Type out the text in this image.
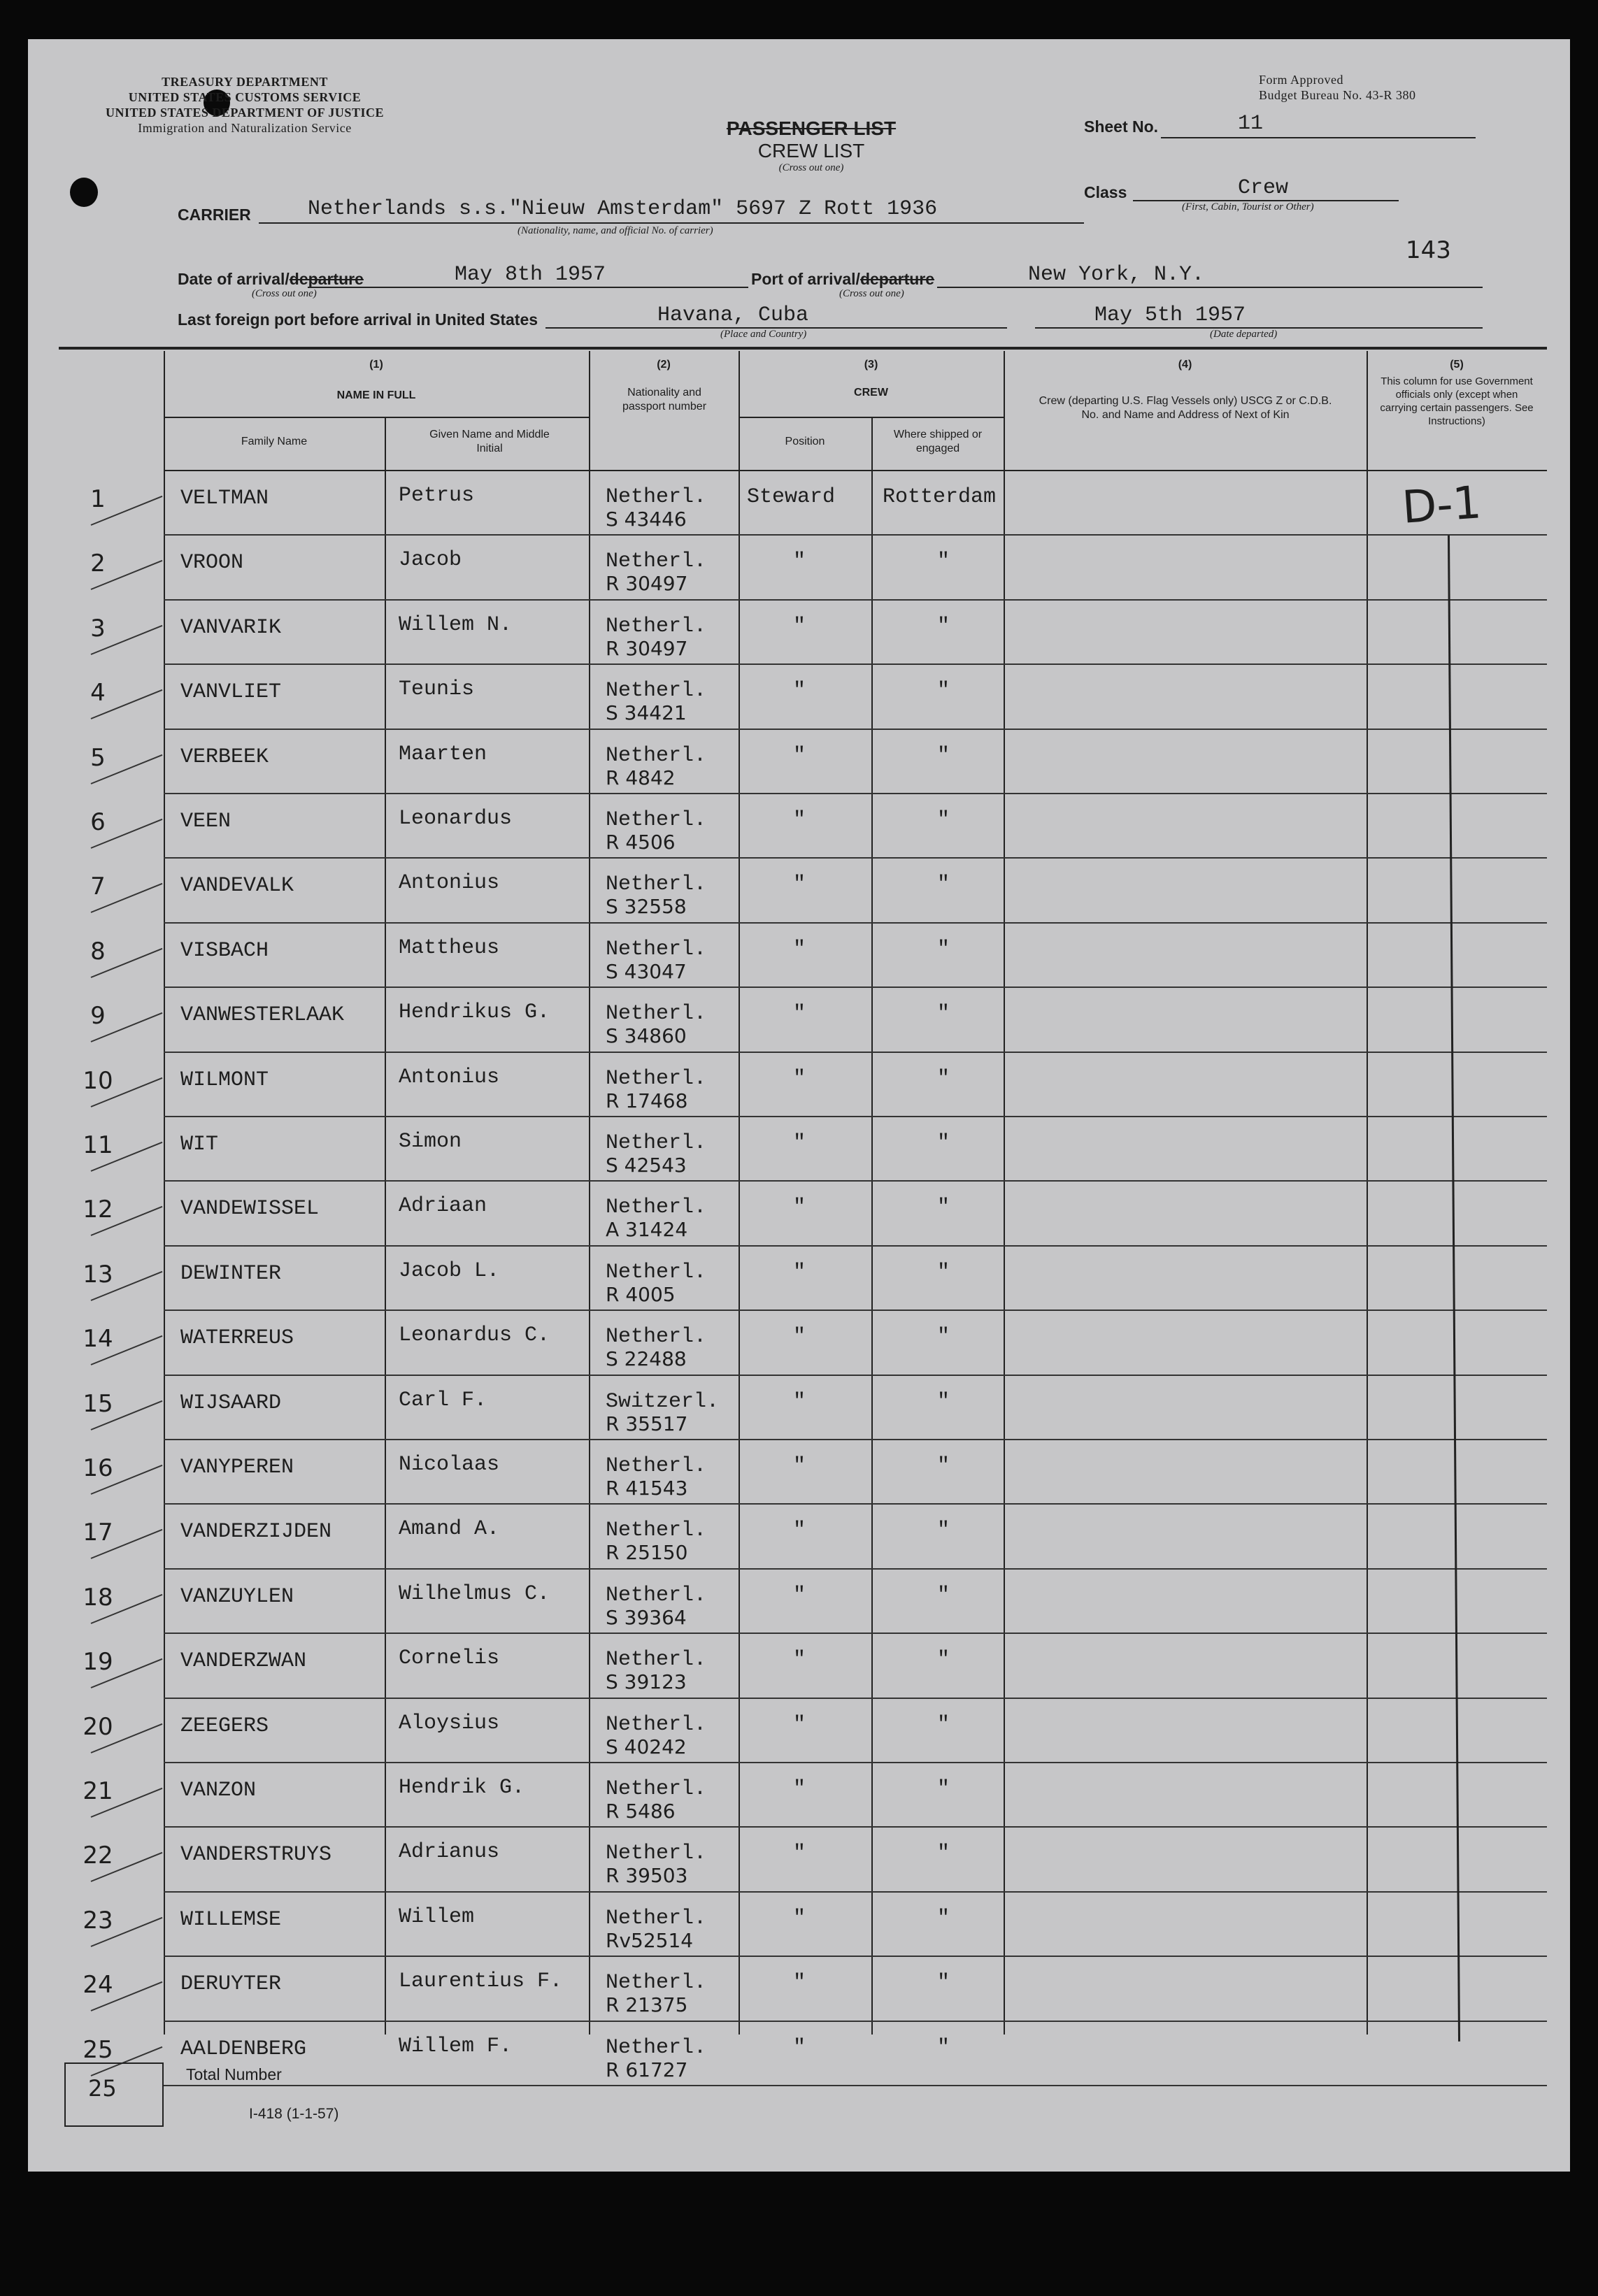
TREASURY DEPARTMENT
UNITED STATES CUSTOMS SERVICE
UNITED STATES DEPARTMENT OF JUSTICE
Immigration and Naturalization Service
Form Approved
Budget Bureau No. 43-R 380
PASSENGER LIST
CREW LIST
(Cross out one)
Sheet No.	11
Class	Crew
(First, Cabin, Tourist or Other)
CARRIER	Netherlands s.s."Nieuw Amsterdam" 5697 Z Rott 1936
(Nationality, name, and official No. of carrier)
143
Date of arrival/departure	May 8th 1957
(Cross out one)
Port of arrival/departure	New York, N.Y.
(Cross out one)
Last foreign port before arrival in United States	Havana, Cuba
(Place and Country)
May 5th 1957
(Date departed)
(1)
NAME IN FULL
Family Name
Given Name and Middle Initial
(2)
Nationality and passport number
(3)
CREW
Position
Where shipped or engaged
(4)
Crew (departing U.S. Flag Vessels only) USCG Z or C.D.B. No. and Name and Address of Next of Kin
(5)
This column for use Government officials only (except when carrying certain passengers. See Instructions)
1	VELTMAN	Petrus	Netherl.
S 43446
Steward Rotterdam
2	VROON	Jacob	Netherl.
R 30497
"	"
3	VANVARIK	Willem N.	Netherl.
R 30497
"	"
4	VANVLIET	Teunis	Netherl.
S 34421
"	"
5	VERBEEK	Maarten	Netherl.
R 4842
"	"
6	VEEN	Leonardus	Netherl.
R 4506
"	"
7	VANDEVALK	Antonius	Netherl.
S 32558
"	"
8	VISBACH	Mattheus	Netherl.
S 43047
"	"
9	VANWESTERLAAK	Hendrikus G.	Netherl.
S 34860
"	"
10	WILMONT	Antonius	Netherl.
R 17468
"	"
11	WIT	Simon	Netherl.
S 42543
"	"
12	VANDEWISSEL	Adriaan	Netherl.
A 31424
"	"
13	DEWINTER	Jacob L.	Netherl.
R 4005
"	"
14	WATERREUS	Leonardus C.	Netherl.
S 22488
"	"
15	WIJSAARD	Carl F.	Switzerl.
R 35517
"	"
16	VANYPEREN	Nicolaas	Netherl.
R 41543
"	"
17	VANDERZIJDEN	Amand A.	Netherl.
R 25150
"	"
18	VANZUYLEN	Wilhelmus C.	Netherl.
S 39364
"	"
19	VANDERZWAN	Cornelis	Netherl.
S 39123
"	"
20	ZEEGERS	Aloysius	Netherl.
S 40242
"	"
21	VANZON	Hendrik G.	Netherl.
R 5486
"	"
22	VANDERSTRUYS	Adrianus	Netherl.
R 39503
"	"
23	WILLEMSE	Willem	Netherl.
Rv52514
"	"
24	DERUYTER	Laurentius F. Netherl.
R 21375
"	"
25	AALDENBERG	Willem F.	Netherl.
R 61727
"	"
D-1
25
Total Number
I-418 (1-1-57)
